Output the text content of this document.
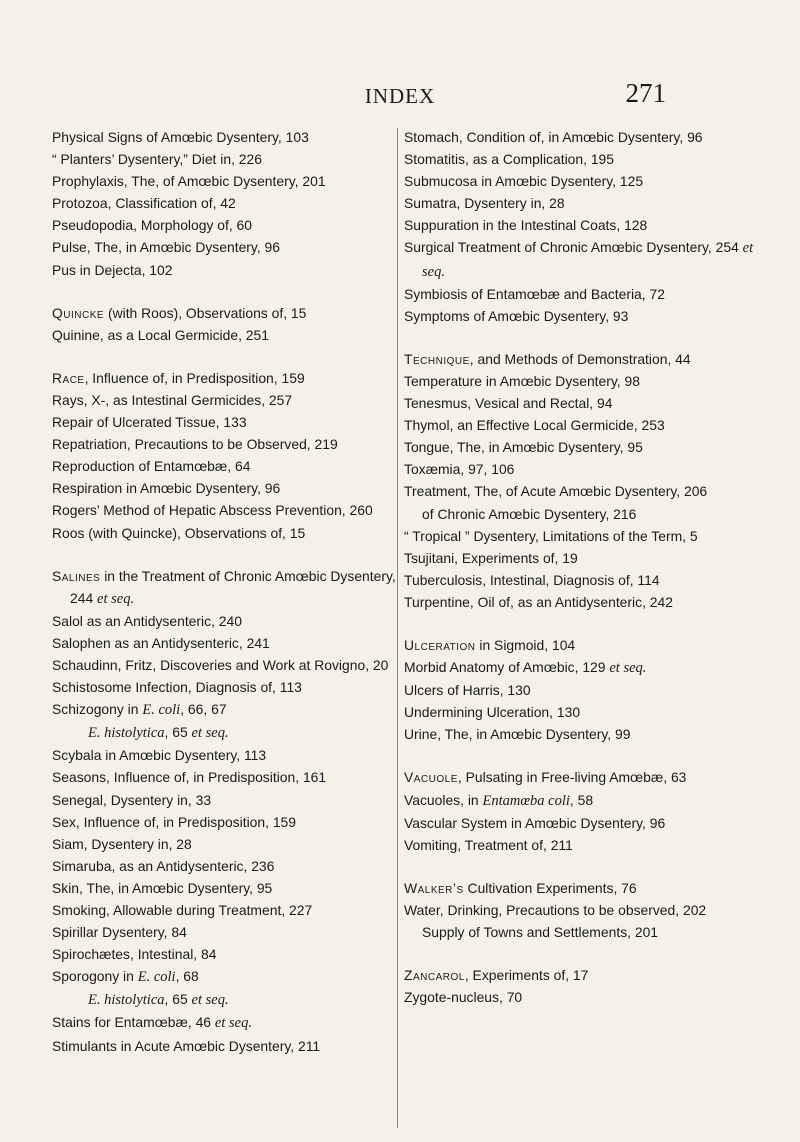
INDEX	271

Physical Signs of Amœbic Dysentery, 103

“ Planters’ Dysentery,” Diet in, 226

Prophylaxis, The, of Amœbic Dysentery, 201

Protozoa, Classification of, 42

Pseudopodia, Morphology of, 60

Pulse, The, in Amœbic Dysentery, 96

Pus in Dejecta, 102

Quincke (with Roos), Observations of, 15

Quinine, as a Local Germicide, 251

Race, Influence of, in Predisposition, 159

Rays, X-, as Intestinal Germicides, 257

Repair of Ulcerated Tissue, 133

Repatriation, Precautions to be Observed, 219

Reproduction of Entamœbæ, 64

Respiration in Amœbic Dysentery, 96

Rogers’ Method of Hepatic Abscess Prevention, 260

Roos (with Quincke), Observations of, 15

Salines in the Treatment of Chronic Amœbic Dysentery, 244 et seq.

Salol as an Antidysenteric, 240

Salophen as an Antidysenteric, 241

Schaudinn, Fritz, Discoveries and Work at Rovigno, 20

Schistosome Infection, Diagnosis of, 113

Schizogony in E. coli, 66, 67

E. histolytica, 65 et seq.

Scybala in Amœbic Dysentery, 113

Seasons, Influence of, in Predisposition, 161

Senegal, Dysentery in, 33

Sex, Influence of, in Predisposition, 159

Siam, Dysentery in, 28

Simaruba, as an Antidysenteric, 236

Skin, The, in Amœbic Dysentery, 95

Smoking, Allowable during Treatment, 227

Spirillar Dysentery, 84

Spirochætes, Intestinal, 84

Sporogony in E. coli, 68

E. histolytica, 65 et seq.

Stains for Entamœbæ, 46 et seq.

Stimulants in Acute Amœbic Dysentery, 211

Stomach, Condition of, in Amœbic Dysentery, 96

Stomatitis, as a Complication, 195

Submucosa in Amœbic Dysentery, 125

Sumatra, Dysentery in, 28

Suppuration in the Intestinal Coats, 128

Surgical Treatment of Chronic Amœbic Dysentery, 254 et seq.

Symbiosis of Entamœbæ and Bacteria, 72

Symptoms of Amœbic Dysentery, 93

Technique, and Methods of Demonstration, 44

Temperature in Amœbic Dysentery, 98

Tenesmus, Vesical and Rectal, 94

Thymol, an Effective Local Germicide, 253

Tongue, The, in Amœbic Dysentery, 95

Toxæmia, 97, 106

Treatment, The, of Acute Amœbic Dysentery, 206

of Chronic Amœbic Dysentery, 216

“ Tropical ” Dysentery, Limitations of the Term, 5

Tsujitani, Experiments of, 19

Tuberculosis, Intestinal, Diagnosis of, 114

Turpentine, Oil of, as an Antidysenteric, 242

Ulceration in Sigmoid, 104

Morbid Anatomy of Amœbic, 129 et seq.

Ulcers of Harris, 130

Undermining Ulceration, 130

Urine, The, in Amœbic Dysentery, 99

Vacuole, Pulsating in Free-living Amœbæ, 63

Vacuoles, in Entamœba coli, 58

Vascular System in Amœbic Dysentery, 96

Vomiting, Treatment of, 211

Walker’s Cultivation Experiments, 76

Water, Drinking, Precautions to be observed, 202

Supply of Towns and Settlements, 201

Zancarol, Experiments of, 17

Zygote-nucleus, 70
